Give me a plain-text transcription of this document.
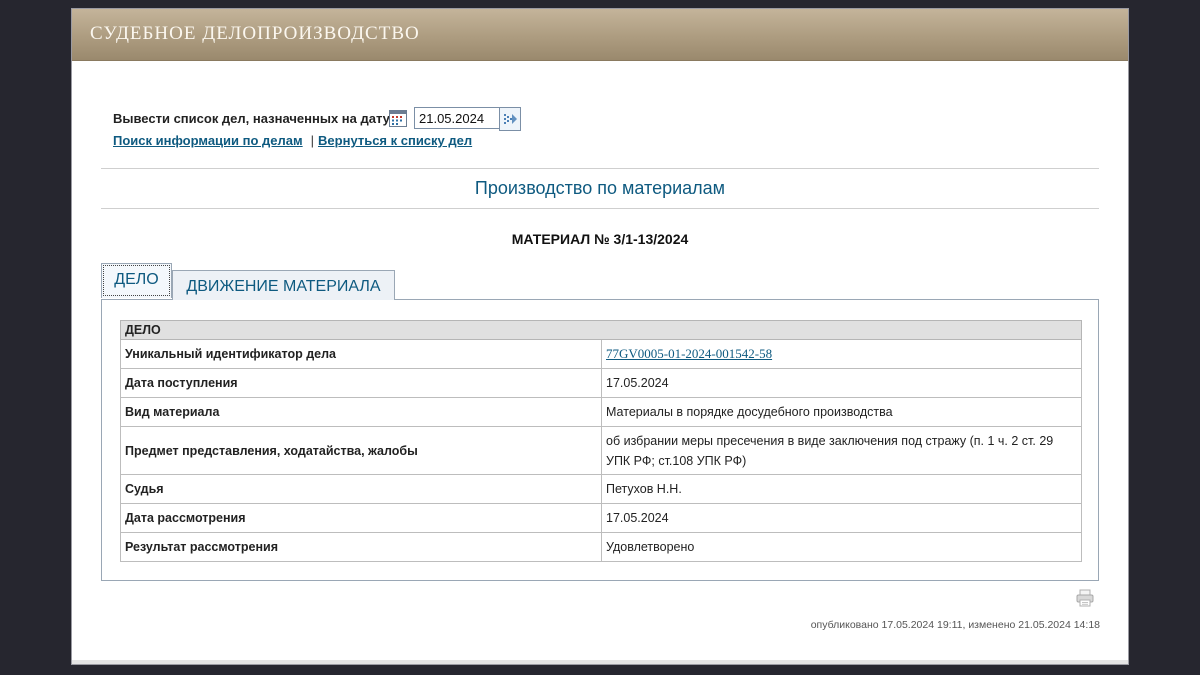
СУДЕБНОЕ ДЕЛОПРОИЗВОДСТВО
Вывести список дел, назначенных на дату
21.05.2024
Поиск информации по делам | Вернуться к списку дел
Производство по материалам
МАТЕРИАЛ № 3/1-13/2024
ДЕЛО	ДВИЖЕНИЕ МАТЕРИАЛА
ДЕЛО	
Уникальный идентификатор дела	77GV0005-01-2024-001542-58
Дата поступления	17.05.2024
Вид материала	Материалы в порядке досудебного производства
Предмет представления, ходатайства, жалобы	об избрании меры пресечения в виде заключения под стражу (п. 1 ч. 2 ст. 29
УПК РФ; ст.108 УПК РФ)
Судья	Петухов Н.Н.
Дата рассмотрения	17.05.2024
Результат рассмотрения	Удовлетворено
опубликовано 17.05.2024 19:11, изменено 21.05.2024 14:18
